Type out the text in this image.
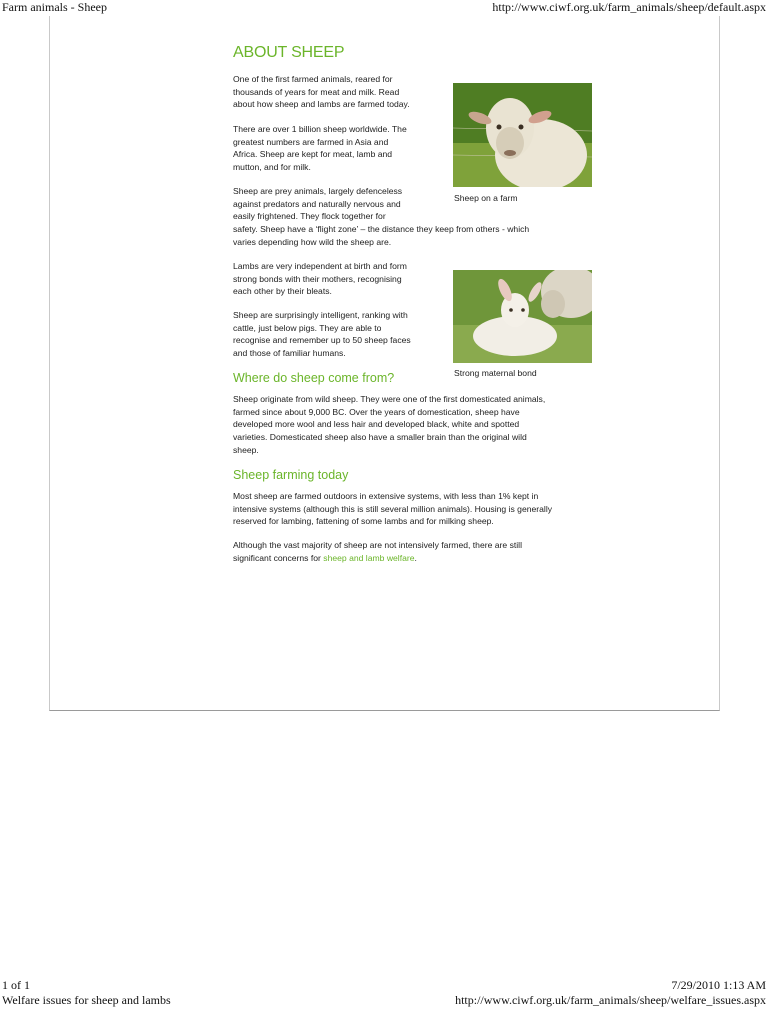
Farm animals - Sheep	http://www.ciwf.org.uk/farm_animals/sheep/default.aspx
ABOUT SHEEP
One of the first farmed animals, reared for
thousands of years for meat and milk. Read
about how sheep and lambs are farmed today.
There are over 1 billion sheep worldwide. The
greatest numbers are farmed in Asia and
Africa. Sheep are kept for meat, lamb and
mutton, and for milk.
Sheep are prey animals, largely defenceless
against predators and naturally nervous and
easily frightened. They flock together for
safety. Sheep have a ‘flight zone’ – the distance they keep from others - which
varies depending how wild the sheep are.
Lambs are very independent at birth and form
strong bonds with their mothers, recognising
each other by their bleats.
Sheep are surprisingly intelligent, ranking with
cattle, just below pigs. They are able to
recognise and remember up to 50 sheep faces
and those of familiar humans.
Where do sheep come from?
Sheep originate from wild sheep. They were one of the first domesticated animals,
farmed since about 9,000 BC. Over the years of domestication, sheep have
developed more wool and less hair and developed black, white and spotted
varieties. Domesticated sheep also have a smaller brain than the original wild
sheep.
Sheep farming today
Most sheep are farmed outdoors in extensive systems, with less than 1% kept in
intensive systems (although this is still several million animals). Housing is generally
reserved for lambing, fattening of some lambs and for milking sheep.
Although the vast majority of sheep are not intensively farmed, there are still
significant concerns for sheep and lamb welfare.
Sheep on a farm
Strong maternal bond
1 of 1	7/29/2010 1:13 AM
Welfare issues for sheep and lambs	http://www.ciwf.org.uk/farm_animals/sheep/welfare_issues.aspx
